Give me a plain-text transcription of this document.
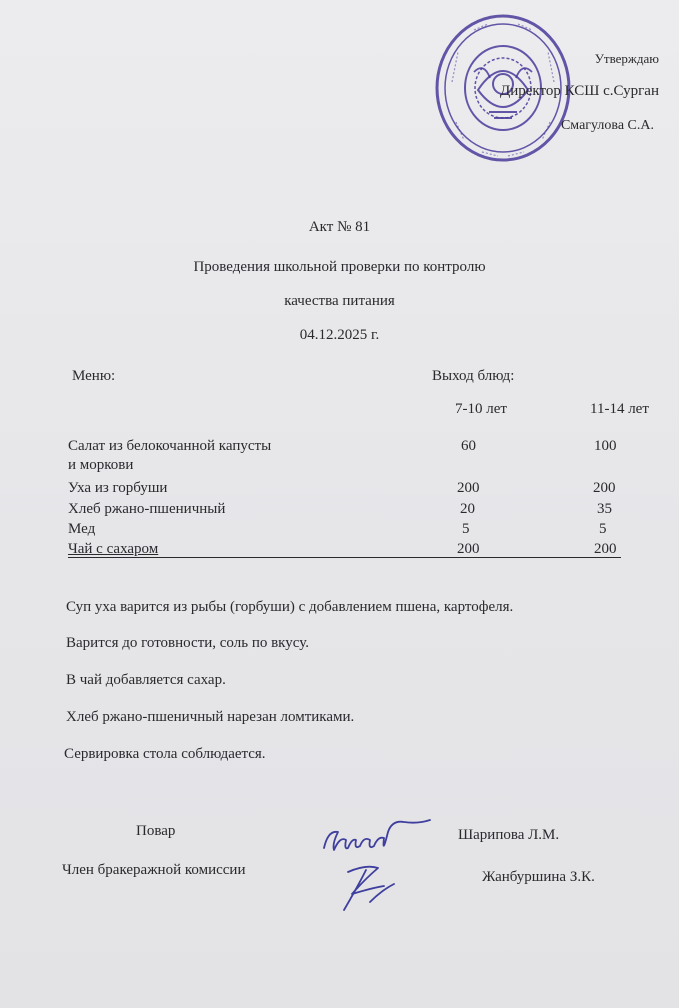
Утверждаю
Директор КСШ с.Сурган
Смагулова С.А.
Акт № 81
Проведения школьной проверки по контролю
качества питания
04.12.2025 г.
Меню:	Выход блюд:
7-10 лет	11-14 лет
Салат из белокочанной капусты
и моркови
60	100
Уха из горбуши	200	200
Хлеб ржано-пшеничный	20	35
Мед	5	5
Чай с сахаром	200	200
Суп уха варится из рыбы (горбуши) с добавлением пшена, картофеля.
Варится до готовности, соль по вкусу.
В чай добавляется сахар.
Хлеб ржано-пшеничный нарезан ломтиками.
Сервировка стола соблюдается.
Повар	Шарипова Л.М.
Член бракеражной комиссии	Жанбуршина З.К.
